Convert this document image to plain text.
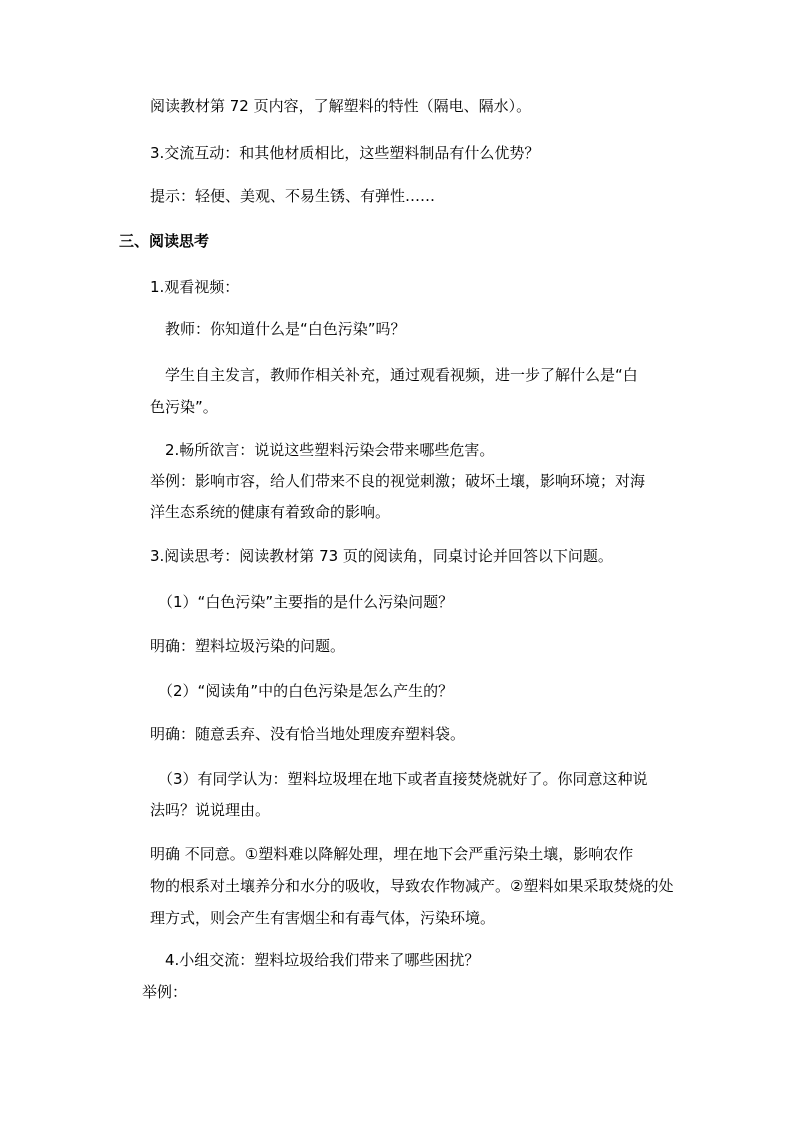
阅读教材第 72 页内容，了解塑料的特性（隔电、隔水）。
3.交流互动：和其他材质相比，这些塑料制品有什么优势？
提示：轻便、美观、不易生锈、有弹性……
三、阅读思考
1.观看视频：
教师：你知道什么是“白色污染”吗？
学生自主发言，教师作相关补充，通过观看视频，进一步了解什么是“白
色污染”。
2.畅所欲言：说说这些塑料污染会带来哪些危害。
举例：影响市容，给人们带来不良的视觉刺激；破坏土壤，影响环境；对海
洋生态系统的健康有着致命的影响。
3.阅读思考：阅读教材第 73 页的阅读角，同桌讨论并回答以下问题。
（1）“白色污染”主要指的是什么污染问题？
明确：塑料垃圾污染的问题。
（2）“阅读角”中的白色污染是怎么产生的？
明确：随意丢弃、没有恰当地处理废弃塑料袋。
（3）有同学认为：塑料垃圾埋在地下或者直接焚烧就好了。你同意这种说
法吗？说说理由。
明确 不同意。①塑料难以降解处理，埋在地下会严重污染土壤，影响农作
物的根系对土壤养分和水分的吸收，导致农作物减产。②塑料如果采取焚烧的处
理方式，则会产生有害烟尘和有毒气体，污染环境。
4.小组交流：塑料垃圾给我们带来了哪些困扰？
举例：
